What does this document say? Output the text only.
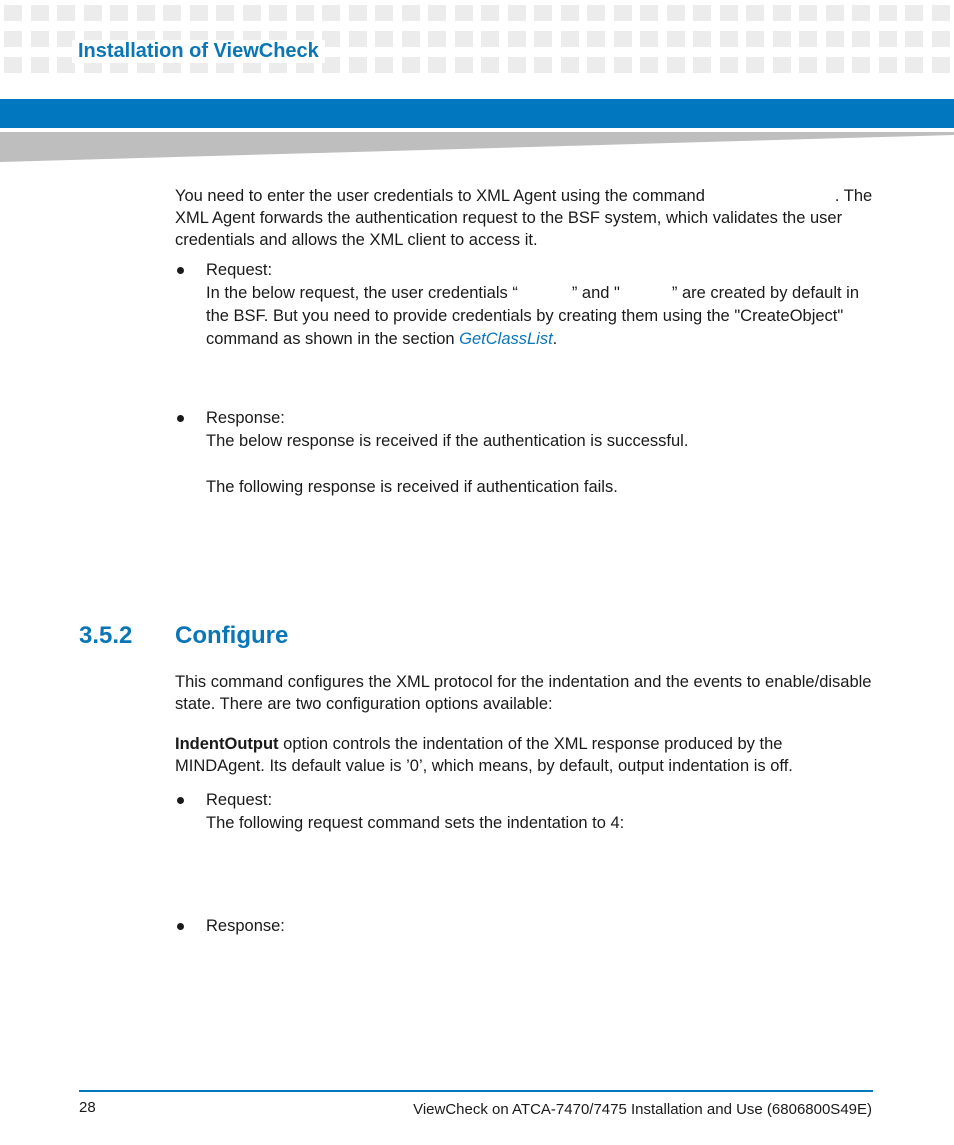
Installation of ViewCheck

You need to enter the user credentials to XML Agent using the command	. The XML Agent forwards the authentication request to the BSF system, which validates the user credentials and allows the XML client to access it.

Request:
In the below request, the user credentials “	” and "	” are created by default in the BSF. But you need to provide credentials by creating them using the "CreateObject" command as shown in the section GetClassList.
Response:
The below response is received if the authentication is successful.
The following response is received if authentication fails.
3.5.2 Configure

This command configures the XML protocol for the indentation and the events to enable/disable state. There are two configuration options available:

IndentOutput option controls the indentation of the XML response produced by the MINDAgent. Its default value is ’0’, which means, by default, output indentation is off.

Request:
The following request command sets the indentation to 4:
Response:
28	ViewCheck on ATCA-7470/7475 Installation and Use (6806800S49E)
